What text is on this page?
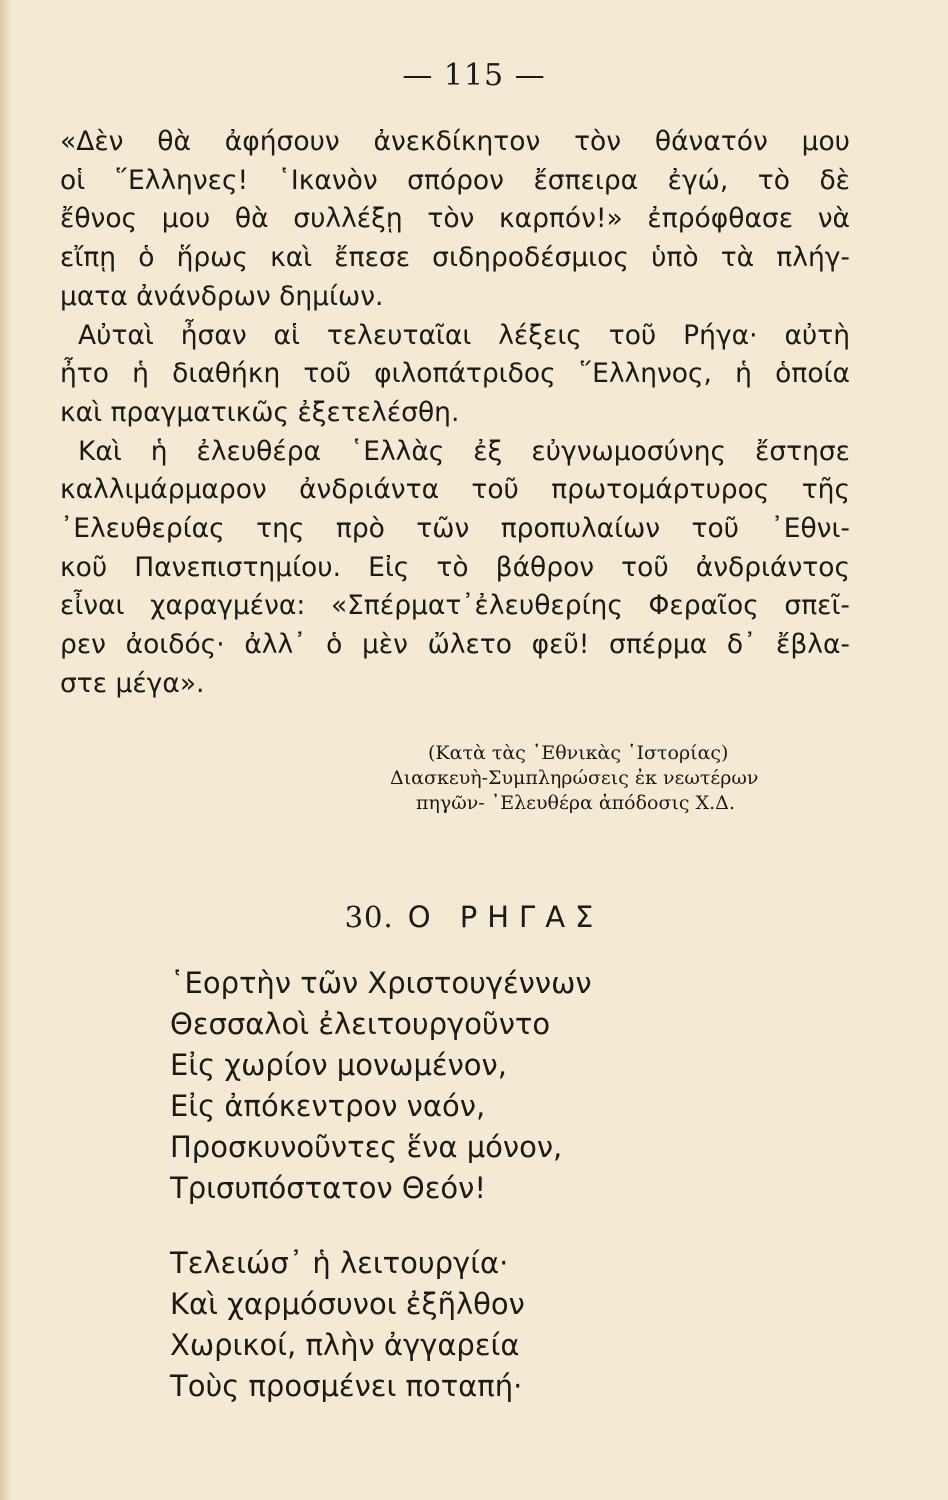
— 115 —

«Δὲν θὰ ἀφήσουν ἀνεκδίκητον τὸν θάνατόν μου
οἱ ῞Ελληνες! ῾Ικανὸν σπόρον ἔσπειρα ἐγώ, τὸ δὲ
ἔθνος μου θὰ συλλέξῃ τὸν καρπόν!» ἐπρόφθασε νὰ
εἴπῃ ὁ ἥρως καὶ ἔπεσε σιδηροδέσμιος ὑπὸ τὰ πλήγ-
ματα ἀνάνδρων δημίων.

Αὐταὶ ἦσαν αἱ τελευταῖαι λέξεις τοῦ Ρήγα· αὐτὴ
ἦτο ἡ διαθήκη τοῦ φιλοπάτριδος ῞Ελληνος, ἡ ὁποία
καὶ πραγματικῶς ἐξετελέσθη.

Καὶ ἡ ἐλευθέρα ῾Ελλὰς ἐξ εὐγνωμοσύνης ἔστησε
καλλιμάρμαρον ἀνδριάντα τοῦ πρωτομάρτυρος τῆς
᾿Ελευθερίας της πρὸ τῶν προπυλαίων τοῦ ᾿Εθνι-
κοῦ Πανεπιστημίου. Εἰς τὸ βάθρον τοῦ ἀνδριάντος
εἶναι χαραγμένα: «Σπέρματ᾿ἐλευθερίης Φεραῖος σπεῖ-
ρεν ἀοιδός· ἀλλ᾿ ὁ μὲν ὤλετο φεῦ! σπέρμα δ᾿ ἔβλα-
στε μέγα».

(Κατὰ τὰς ᾿Εθνικὰς ῾Ιστορίας)
Διασκευὴ-Συμπληρώσεις ἐκ νεωτέρων
πηγῶν- ᾿Ελευθέρα ἀπόδοσις Χ.Δ.
30. Ο ΡΗΓΑΣ
῾Εορτὴν τῶν Χριστουγέννων
Θεσσαλοὶ ἐλειτουργοῦντο
Εἰς χωρίον μονωμένον,
Εἰς ἀπόκεντρον ναόν,
Προσκυνοῦντες ἕνα μόνον,
Τρισυπόστατον Θεόν!
Τελειώσ᾿ ἡ λειτουργία·
Καὶ χαρμόσυνοι ἐξῆλθον
Χωρικοί, πλὴν ἀγγαρεία
Τοὺς προσμένει ποταπή·
